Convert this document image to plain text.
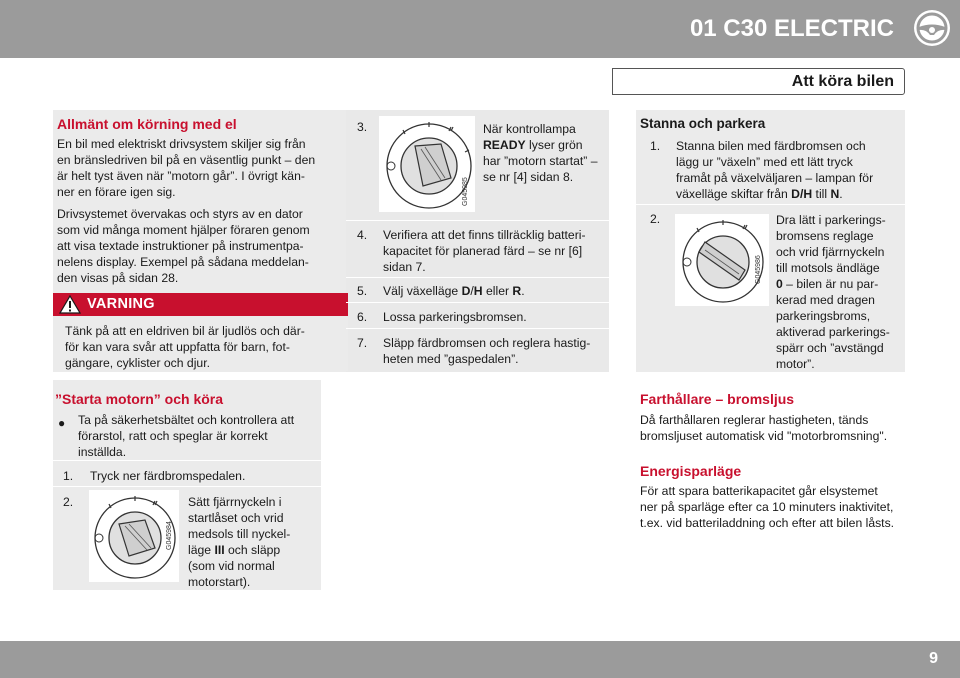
01 C30 ELECTRIC
Att köra bilen
Allmänt om körning med el
En bil med elektriskt drivsystem skiljer sig från
en bränsledriven bil på en väsentlig punkt – den
är helt tyst även när ”motorn går”. I övrigt kän-
ner en förare igen sig.
Drivsystemet övervakas och styrs av en dator
som vid många moment hjälper föraren genom
att visa textade instruktioner på instrumentpa-
nelens display. Exempel på sådana meddelan-
den visas på sidan 28.
VARNING
Tänk på att en eldriven bil är ljudlös och där-
för kan vara svår att uppfatta för barn, fot-
gängare, cyklister och djur.
”Starta motorn” och köra
● Ta på säkerhetsbältet och kontrollera att
förarstol, ratt och speglar är korrekt
inställda.
1. Tryck ner färdbromspedalen.
2.
G045984
Sätt fjärrnyckeln i
startlåset och vrid
medsols till nyckel-
läge III och släpp
(som vid normal
motorstart).
3.
G045985
När kontrollampa
READY lyser grön
har ”motorn startat” –
se nr [4] sidan 8.
4. Verifiera att det finns tillräcklig batteri-
kapacitet för planerad färd – se nr [6]
sidan 7.
5. Välj växelläge D/H eller R.
6. Lossa parkeringsbromsen.
7. Släpp färdbromsen och reglera hastig-
heten med ”gaspedalen”.
Stanna och parkera
1. Stanna bilen med färdbromsen och
lägg ur ”växeln” med ett lätt tryck
framåt på växelväljaren – lampan för
växelläge skiftar från D/H till N.
2.
G045986
Dra lätt i parkerings-
bromsens reglage
och vrid fjärrnyckeln
till motsols ändläge
0 – bilen är nu par-
kerad med dragen
parkeringsbroms,
aktiverad parkerings-
spärr och ”avstängd
motor”.
Farthållare – bromsljus
Då farthållaren reglerar hastigheten, tänds
bromsljuset automatisk vid "motorbromsning".
Energisparläge
För att spara batterikapacitet går elsystemet
ner på sparläge efter ca 10 minuters inaktivitet,
t.ex. vid batteriladdning och efter att bilen låsts.
9
